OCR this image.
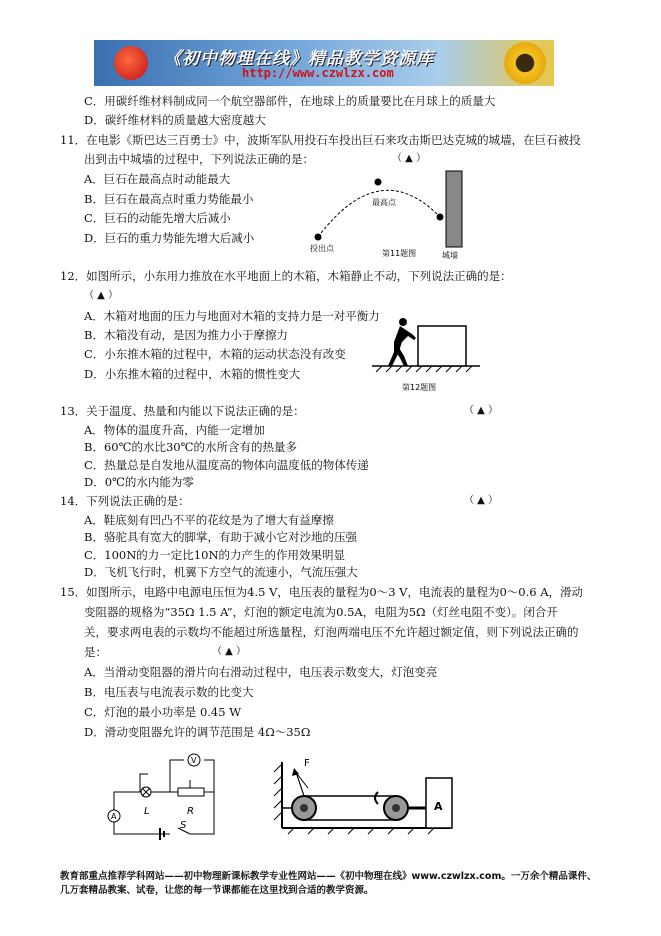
《初中物理在线》精品教学资源库
http://www.czwlzx.com
C．用碳纤维材料制成同一个航空器部件，在地球上的质量要比在月球上的质量大
D．碳纤维材料的质量越大密度越大
11．在电影《斯巴达三百勇士》中，波斯军队用投石车投出巨石来攻击斯巴达克城的城墙，在巨石被投
出到击中城墙的过程中，下列说法正确的是：	（ ▲ ）
A．巨石在最高点时动能最大
B．巨石在最高点时重力势能最小
C．巨石的动能先增大后减小
D．巨石的重力势能先增大后减小
最高点
投出点
第11题图	城墙
12．如图所示，小东用力推放在水平地面上的木箱，木箱静止不动，下列说法正确的是：
（ ▲ ）
A．木箱对地面的压力与地面对木箱的支持力是一对平衡力
B．木箱没有动，是因为推力小于摩擦力
C．小东推木箱的过程中，木箱的运动状态没有改变
D．小东推木箱的过程中，木箱的惯性变大
第12题图
13．关于温度、热量和内能以下说法正确的是：	（ ▲ ）
A．物体的温度升高，内能一定增加
B．60℃的水比30℃的水所含有的热量多
C．热量总是自发地从温度高的物体向温度低的物体传递
D．0℃的水内能为零
14．下列说法正确的是：	（ ▲ ）
A．鞋底刻有凹凸不平的花纹是为了增大有益摩擦
B．骆驼具有宽大的脚掌，有助于减小它对沙地的压强
C．100N的力一定比10N的力产生的作用效果明显
D．飞机飞行时，机翼下方空气的流速小，气流压强大
15．如图所示，电路中电源电压恒为4.5 V，电压表的量程为0～3 V，电流表的量程为0～0.6 A，滑动
变阻器的规格为“35Ω 1.5 A”，灯泡的额定电流为0.5A，电阻为5Ω（灯丝电阻不变）。闭合开
关，要求两电表的示数均不能超过所选量程，灯泡两端电压不允许超过额定值，则下列说法正确的
是：	（ ▲ ）
A．当滑动变阻器的滑片向右滑动过程中，电压表示数变大，灯泡变亮
B．电压表与电流表示数的比变大
C．灯泡的最小功率是 0.45 W
D．滑动变阻器允许的调节范围是 4Ω～35Ω
A
V
L	R
S
F
A
教育部重点推荐学科网站——初中物理新课标教学专业性网站——《初中物理在线》www.czwlzx.com。一万余个精品课件、
几万套精品教案、试卷，让您的每一节课都能在这里找到合适的教学资源。
